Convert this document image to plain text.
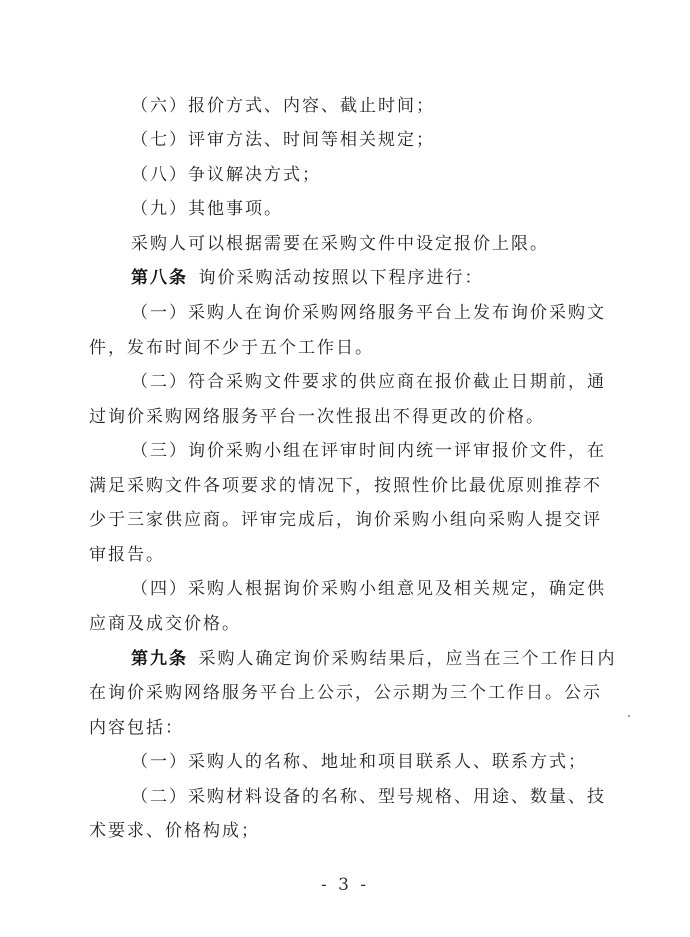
（六）报价方式、内容、截止时间；
（七）评审方法、时间等相关规定；
（八）争议解决方式；
（九）其他事项。
采购人可以根据需要在采购文件中设定报价上限。
第八条  询价采购活动按照以下程序进行：
（一）采购人在询价采购网络服务平台上发布询价采购文
件，发布时间不少于五个工作日。
（二）符合采购文件要求的供应商在报价截止日期前，通
过询价采购网络服务平台一次性报出不得更改的价格。
（三）询价采购小组在评审时间内统一评审报价文件，在
满足采购文件各项要求的情况下，按照性价比最优原则推荐不
少于三家供应商。评审完成后，询价采购小组向采购人提交评
审报告。
（四）采购人根据询价采购小组意见及相关规定，确定供
应商及成交价格。
第九条  采购人确定询价采购结果后，应当在三个工作日内
在询价采购网络服务平台上公示，公示期为三个工作日。公示
内容包括：
（一）采购人的名称、地址和项目联系人、联系方式；
（二）采购材料设备的名称、型号规格、用途、数量、技
术要求、价格构成；
- 3 -
